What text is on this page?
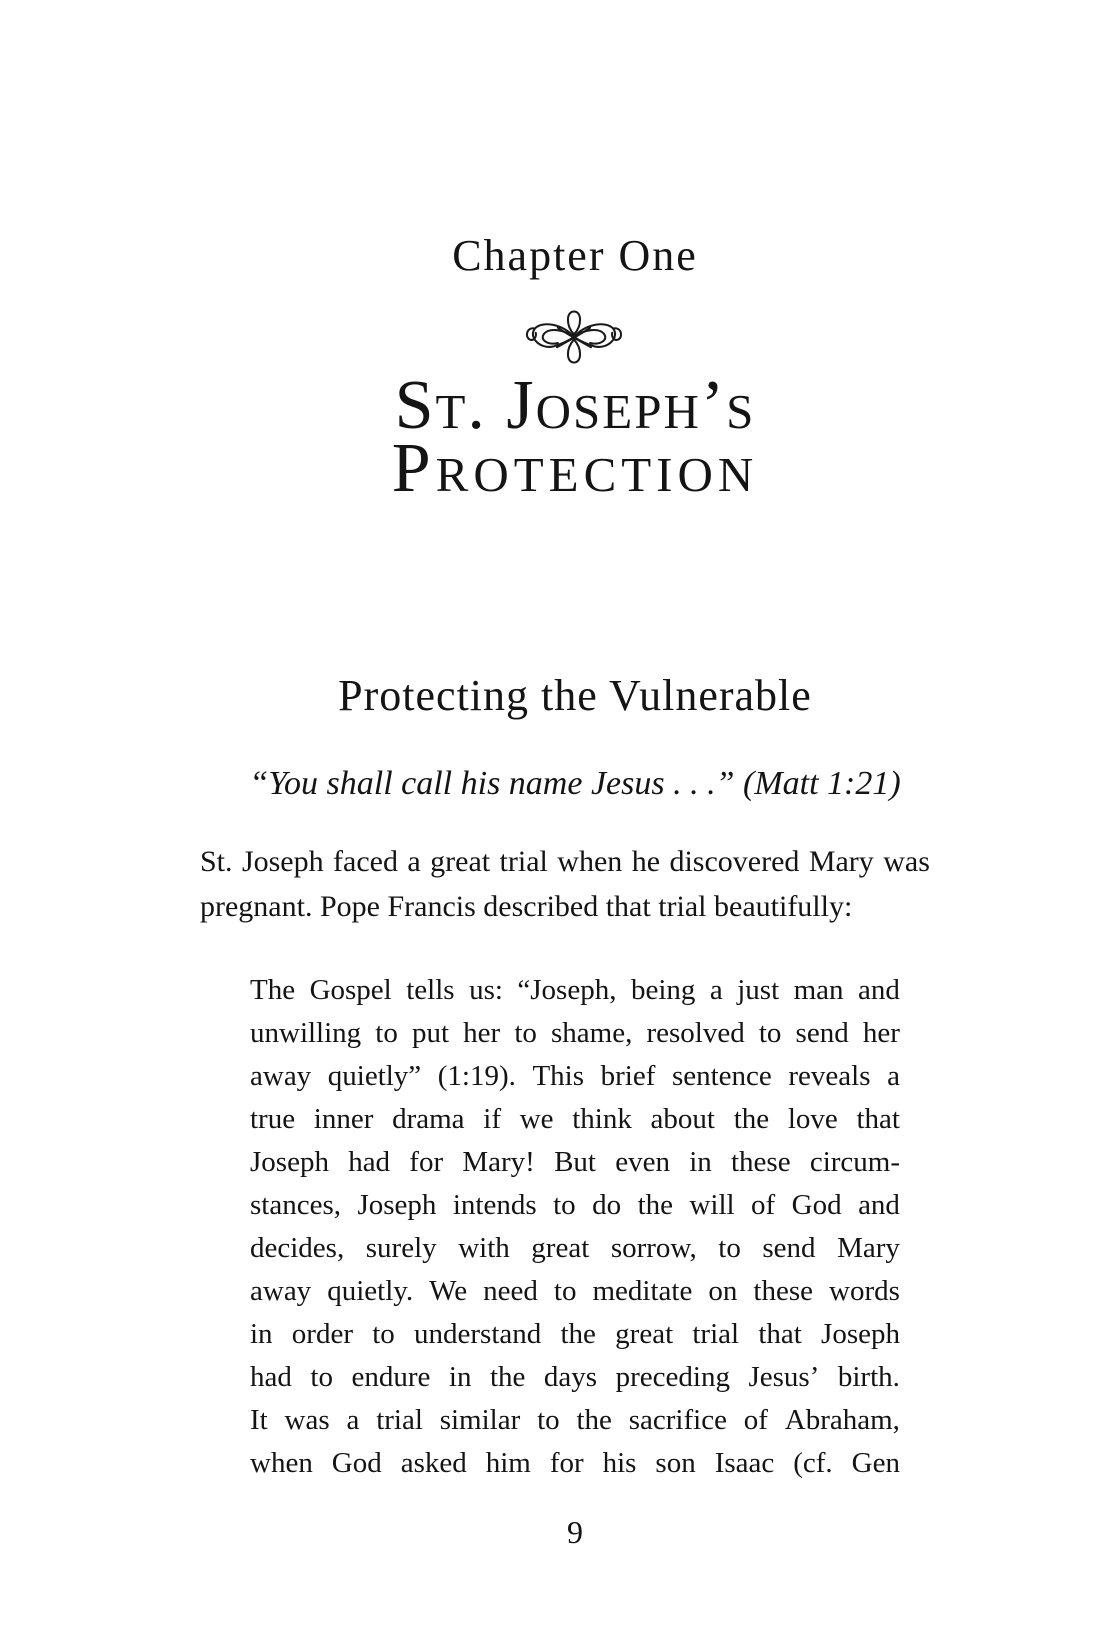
Chapter One
St. Joseph’s
Protection
Protecting the Vulnerable
“You shall call his name Jesus . . .” (Matt 1:21)
St. Joseph faced a great trial when he discovered Mary was
pregnant. Pope Francis described that trial beautifully:
The Gospel tells us: “Joseph, being a just man and
unwilling to put her to shame, resolved to send her
away quietly” (1:19). This brief sentence reveals a
true inner drama if we think about the love that
Joseph had for Mary! But even in these circum-
stances, Joseph intends to do the will of God and
decides, surely with great sorrow, to send Mary
away quietly. We need to meditate on these words
in order to understand the great trial that Joseph
had to endure in the days preceding Jesus’ birth.
It was a trial similar to the sacrifice of Abraham,
when God asked him for his son Isaac (cf. Gen
9
